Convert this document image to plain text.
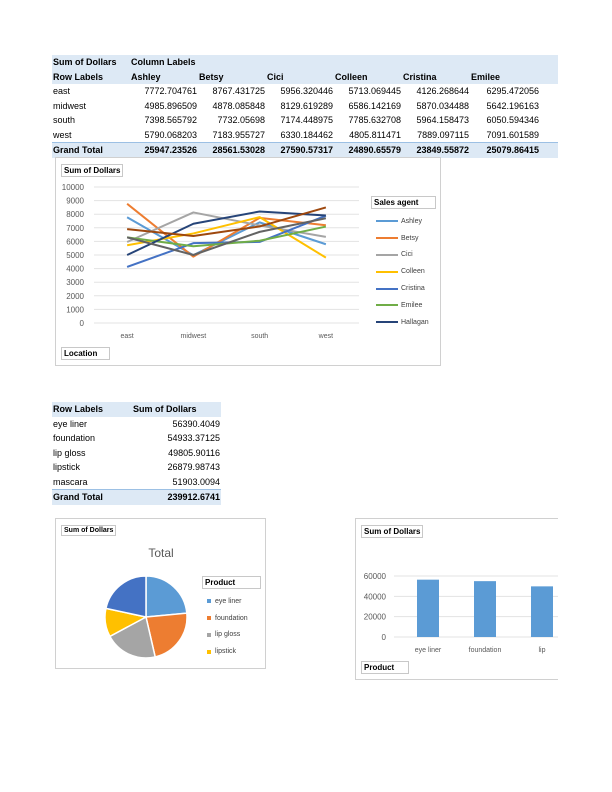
Sum of Dollars	Column Labels
Row Labels	Ashley	Betsy	Cici	Colleen	Cristina	Emilee
east	7772.704761	8767.431725	5956.320446	5713.069445	4126.268644	6295.472056
midwest	4985.896509	4878.085848	8129.619289	6586.142169	5870.034488	5642.196163
south	7398.565792	7732.05698	7174.448975	7785.632708	5964.158473	6050.594346
west	5790.068203	7183.955727	6330.184462	4805.811471	7889.097115	7091.601589
Grand Total	25947.23526	28561.53028	27590.57317	24890.65579	23849.55872	25079.86415
Sum of Dollars
Location
0
1000
2000
3000
4000
5000
6000
7000
8000
9000
10000
east	midwest	south	west
Sales agent
Ashley
Betsy
Cici
Colleen
Cristina
Emilee
Hallagan
Row Labels	Sum of Dollars
eye liner	56390.4049
foundation	54933.37125
lip gloss	49805.90116
lipstick	26879.98743
mascara	51903.0094
Grand Total	239912.6741
Sum of Dollars
Total
Product
eye liner
foundation
lip gloss
lipstick
Sum of Dollars
Product
-
0
20000
40000
60000
eye liner	foundation	lip
